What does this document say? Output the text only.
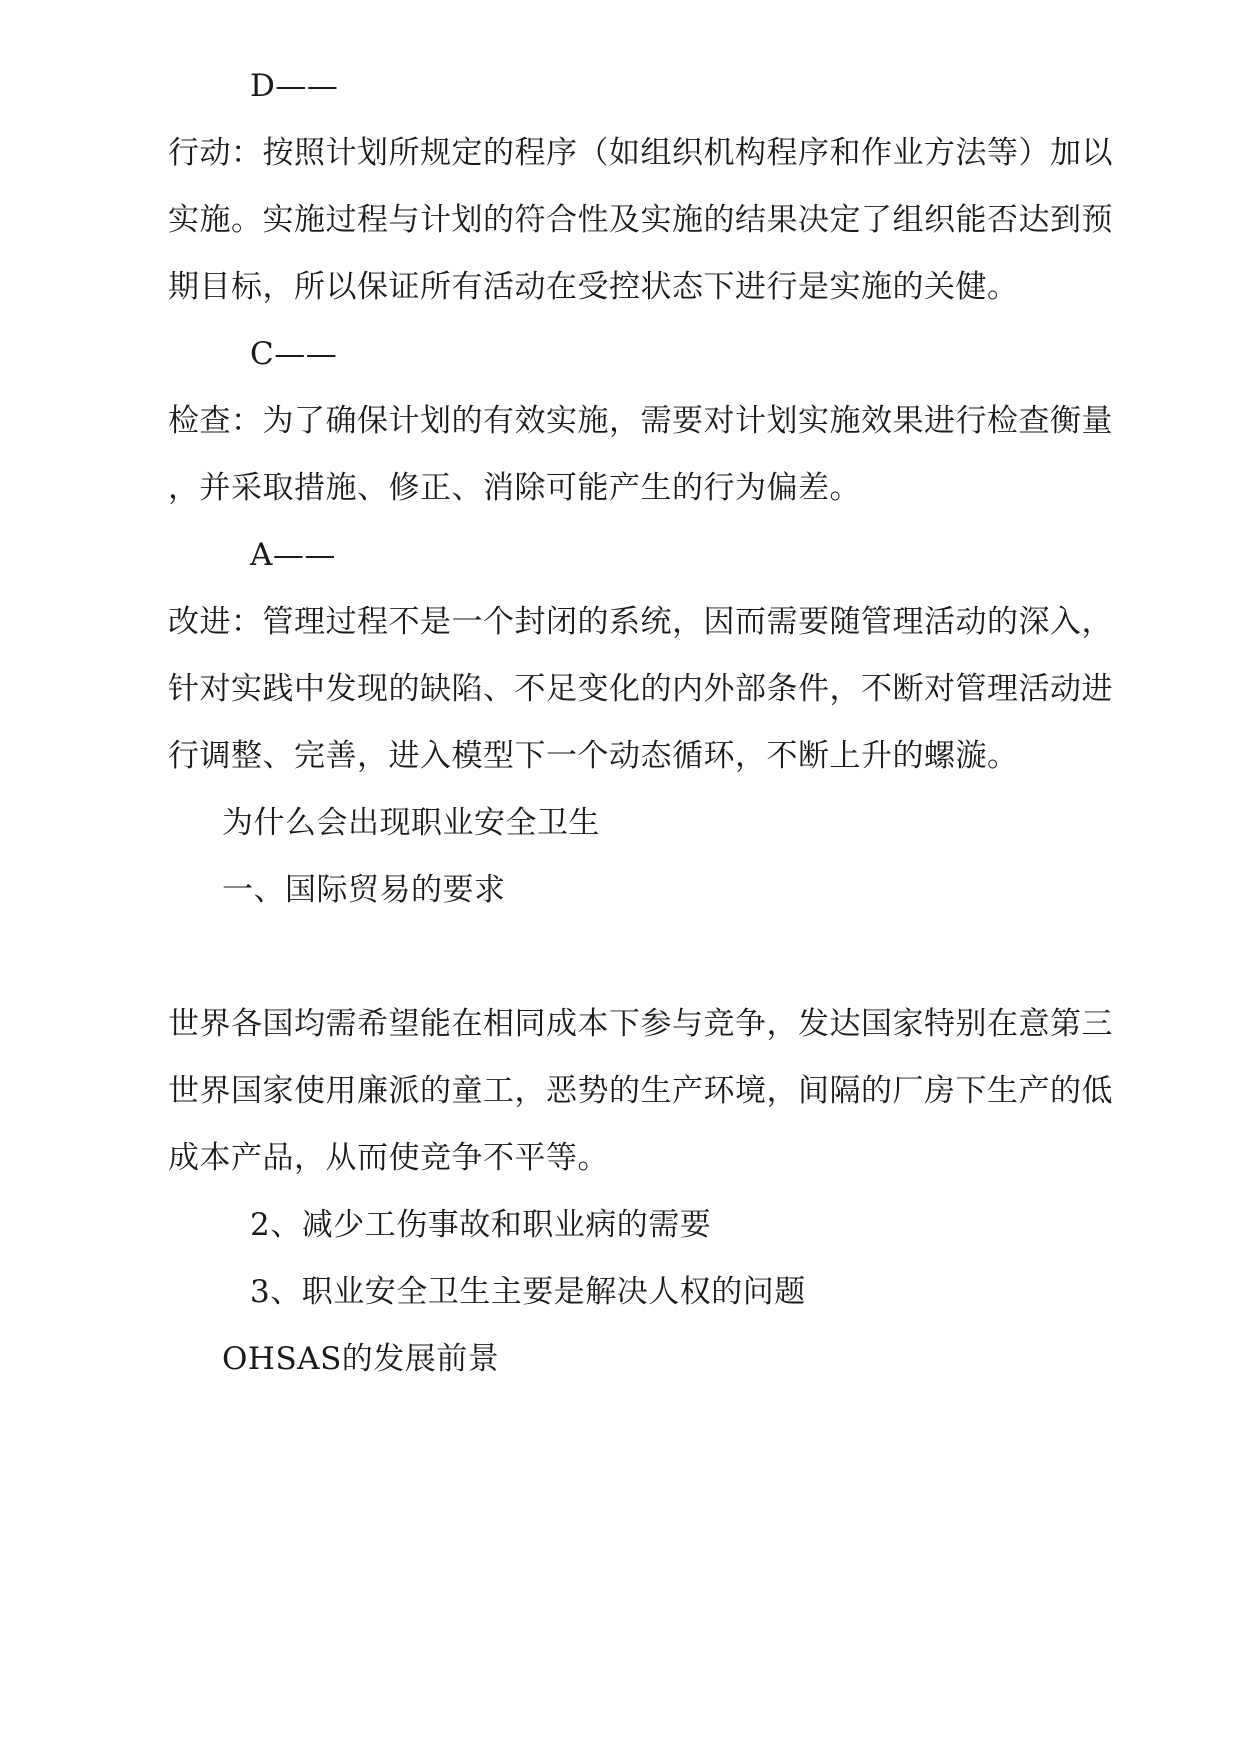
D——

行动：按照计划所规定的程序（如组织机构程序和作业方法等）加以

实施。实施过程与计划的符合性及实施的结果决定了组织能否达到预

期目标，所以保证所有活动在受控状态下进行是实施的关健。

C——

检查：为了确保计划的有效实施，需要对计划实施效果进行检查衡量

，并采取措施、修正、消除可能产生的行为偏差。

A——

改进：管理过程不是一个封闭的系统，因而需要随管理活动的深入，

针对实践中发现的缺陷、不足变化的内外部条件，不断对管理活动进

行调整、完善，进入模型下一个动态循环，不断上升的螺漩。

为什么会出现职业安全卫生

一、国际贸易的要求

世界各国均需希望能在相同成本下参与竞争，发达国家特别在意第三

世界国家使用廉派的童工，恶势的生产环境，间隔的厂房下生产的低

成本产品，从而使竞争不平等。

2、减少工伤事故和职业病的需要

3、职业安全卫生主要是解决人权的问题

OHSAS的发展前景
